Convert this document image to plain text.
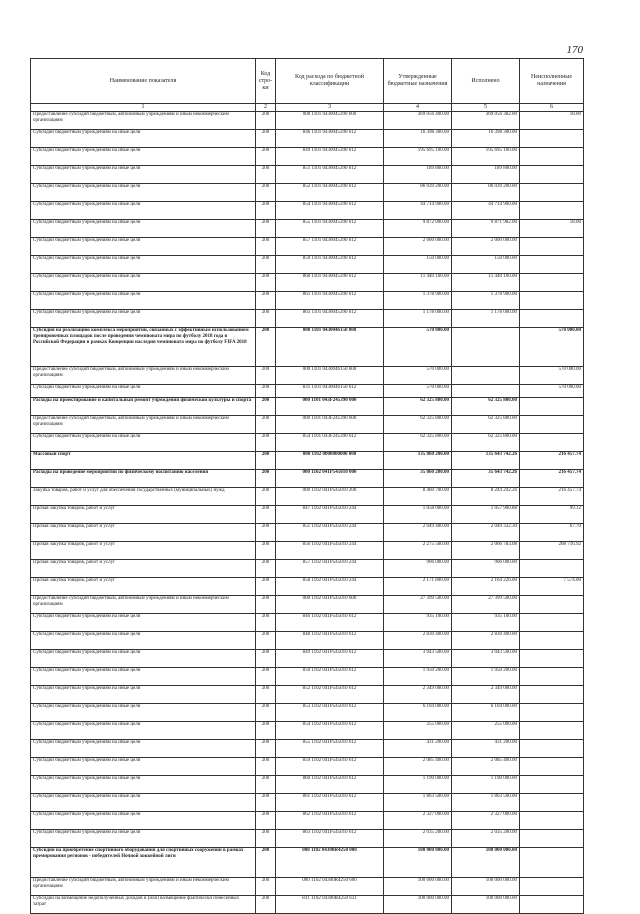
170
Наименование показателя	Код стро-ки	Код расхода по бюджетной классификации	Утвержденные бюджетные назначения	Исполнено	Неисполненные назначения
1	2	3	4	5	6
Предоставление субсидий бюджетным, автономным учреждениям и иным некоммерческим организациям	200	000 1101 0430045390 600	369 056 400.00	369 056 382.00	18.00
Субсидии бюджетным учреждениям на иные цели	200	846 1101 0430045390 612	16 398 300.00	16 398 300.00	
Субсидии бюджетным учреждениям на иные цели	200	849 1101 0430045390 612	195 695 100.00	195 695 100.00	
Субсидии бюджетным учреждениям на иные цели	200	851 1101 0430045390 612	189 800.00	189 800.00	
Субсидии бюджетным учреждениям на иные цели	200	852 1101 0430045390 612	86 039 200.00	86 039 200.00	
Субсидии бюджетным учреждениям на иные цели	200	854 1101 0430045390 612	44 714 900.00	44 714 900.00	
Субсидии бюджетным учреждениям на иные цели	200	855 1101 0430045390 612	9 872 000.00	9 871 982.00	18.00
Субсидии бюджетным учреждениям на иные цели	200	857 1101 0430045390 612	2 000 000.00	2 000 000.00	
Субсидии бюджетным учреждениям на иные цели	200	859 1101 0430045390 612	150 000.00	150 000.00	
Субсидии бюджетным учреждениям на иные цели	200	860 1101 0430045390 612	11 440 100.00	11 440 100.00	
Субсидии бюджетным учреждениям на иные цели	200	861 1101 0430045390 612	1 378 900.00	1 378 900.00	
Субсидии бюджетным учреждениям на иные цели	200	863 1101 0430045390 612	1 178 000.00	1 178 000.00	
Субсидия на реализацию комплекса мероприятий, связанных с эффективным использованием тренировочных площадок после проведения чемпионата мира по футболу 2018 года в Российской Федерации в рамках Концепции наследия чемпионата мира по футболу FIFA 2018	200	000 1101 0430046150 000	570 000.00		570 000.00
Предоставление субсидий бюджетным, автономным учреждениям и иным некоммерческим организациям	200	000 1101 0430046150 600	570 000.00		570 000.00
Субсидии бюджетным учреждениям на иные цели	200	831 1101 0430046150 612	570 000.00		570 000.00
Расходы на проектирование и капитальный ремонт учреждений физической культуры и спорта	200	000 1101 043F245390 000	62 325 800.00	62 325 800.00	
Предоставление субсидий бюджетным, автономным учреждениям и иным некоммерческим организациям	200	000 1101 043F245390 600	62 325 800.00	62 325 800.00	
Субсидии бюджетным учреждениям на иные цели	200	854 1101 043F245390 612	62 325 800.00	62 325 800.00	
Массовый спорт	200	000 1102 0000000000 000	135 860 200.00	135 643 742.26	216 457.74
Расходы на проведение мероприятий по физическому воспитанию населения	200	000 1102 041P545010 000	35 860 200.00	35 643 742.26	216 457.74
Закупка товаров, работ и услуг для обеспечения государственных (муниципальных) нужд	200	000 1102 041P545010 200	8 460 700.00	8 244 242.26	216 457.74
Прочая закупка товаров, работ и услуг	200	847 1102 041P545010 244	1 058 000.00	1 057 900.88	99.12
Прочая закупка товаров, работ и услуг	200	851 1102 041P545010 244	2 049 400.00	2 049 332.30	67.70
Прочая закупка товаров, работ и услуг	200	856 1102 041P545010 244	2 275 500.00	2 066 783.08	208 716.92
Прочая закупка товаров, работ и услуг	200	857 1102 041P545010 244	906 000.00	906 000.00	
Прочая закупка товаров, работ и услуг	200	858 1102 041P545010 244	2 171 800.00	2 164 226.00	7 574.00
Предоставление субсидий бюджетным, автономным учреждениям и иным некоммерческим организациям	200	000 1102 041P545010 600	27 399 500.00	27 399 500.00	
Субсидии бюджетным учреждениям на иные цели	200	846 1102 041P545010 612	935 100.00	935 100.00	
Субсидии бюджетным учреждениям на иные цели	200	848 1102 041P545010 612	2 830 400.00	2 830 400.00	
Субсидии бюджетным учреждениям на иные цели	200	849 1102 041P545010 612	3 043 500.00	3 043 500.00	
Субсидии бюджетным учреждениям на иные цели	200	850 1102 041P545010 612	1 950 200.00	1 950 200.00	
Субсидии бюджетным учреждениям на иные цели	200	852 1102 041P545010 612	2 349 000.00	2 349 000.00	
Субсидии бюджетным учреждениям на иные цели	200	853 1102 041P545010 612	6 104 000.00	6 104 000.00	
Субсидии бюджетным учреждениям на иные цели	200	854 1102 041P545010 612	255 000.00	255 000.00	
Субсидии бюджетным учреждениям на иные цели	200	855 1102 041P545010 612	431 200.00	431 200.00	
Субсидии бюджетным учреждениям на иные цели	200	859 1102 041P545010 612	2 085 400.00	2 085 400.00	
Субсидии бюджетным учреждениям на иные цели	200	860 1102 041P545010 612	1 190 000.00	1 190 000.00	
Субсидии бюджетным учреждениям на иные цели	200	861 1102 041P545010 612	1 863 500.00	1 863 500.00	
Субсидии бюджетным учреждениям на иные цели	200	862 1102 041P545010 612	2 327 000.00	2 327 000.00	
Субсидии бюджетным учреждениям на иные цели	200	863 1102 041P545010 612	2 035 200.00	2 035 200.00	
Субсидия на приобретение спортивного оборудования для спортивных сооружений в рамках премирования регионов - победителей Ночной хоккейной лиги	200	000 1102 04300R4250 000	100 000 000.00	100 000 000.00	
Предоставление субсидий бюджетным, автономным учреждениям и иным некоммерческим организациям	200	000 1102 04300R4250 600	100 000 000.00	100 000 000.00	
Субсидии на возмещение недополученных доходов и (или) возмещение фактически понесенных затрат	200	831 1102 04300R4250 631	100 000 000.00	100 000 000.00	
